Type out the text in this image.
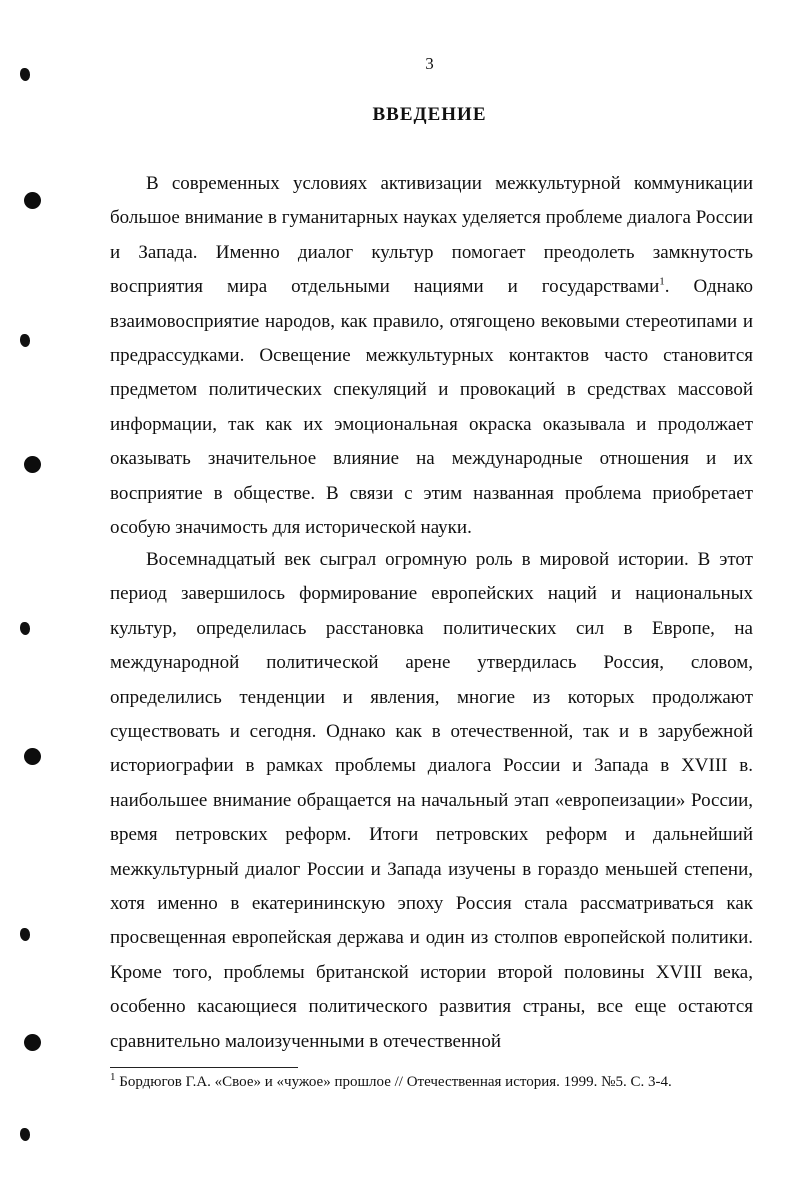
3
ВВЕДЕНИЕ

В современных условиях активизации межкультурной коммуникации большое внимание в гуманитарных науках уделяется проблеме диалога России и Запада. Именно диалог культур помогает преодолеть замкнутость восприятия мира отдельными нациями и государствами$^1$. Однако взаимовосприятие народов, как правило, отягощено вековыми стереотипами и предрассудками. Освещение межкультурных контактов часто становится предметом политических спекуляций и провокаций в средствах массовой информации, так как их эмоциональная окраска оказывала и продолжает оказывать значительное влияние на международные отношения и их восприятие в обществе. В связи с этим названная проблема приобретает особую значимость для исторической науки.

Восемнадцатый век сыграл огромную роль в мировой истории. В этот период завершилось формирование европейских наций и национальных культур, определилась расстановка политических сил в Европе, на международной политической арене утвердилась Россия, словом, определились тенденции и явления, многие из которых продолжают существовать и сегодня. Однако как в отечественной, так и в зарубежной историографии в рамках проблемы диалога России и Запада в XVIII в. наибольшее внимание обращается на начальный этап «европеизации» России, время петровских реформ. Итоги петровских реформ и дальнейший межкультурный диалог России и Запада изучены в гораздо меньшей степени, хотя именно в екатерининскую эпоху Россия стала рассматриваться как просвещенная европейская держава и один из столпов европейской политики. Кроме того, проблемы британской истории второй половины XVIII века, особенно касающиеся политического развития страны, все еще остаются сравнительно малоизученными в отечественной

$^1$ Бордюгов Г.А. «Свое» и «чужое» прошлое // Отечественная история. 1999. №5. С. 3-4.
